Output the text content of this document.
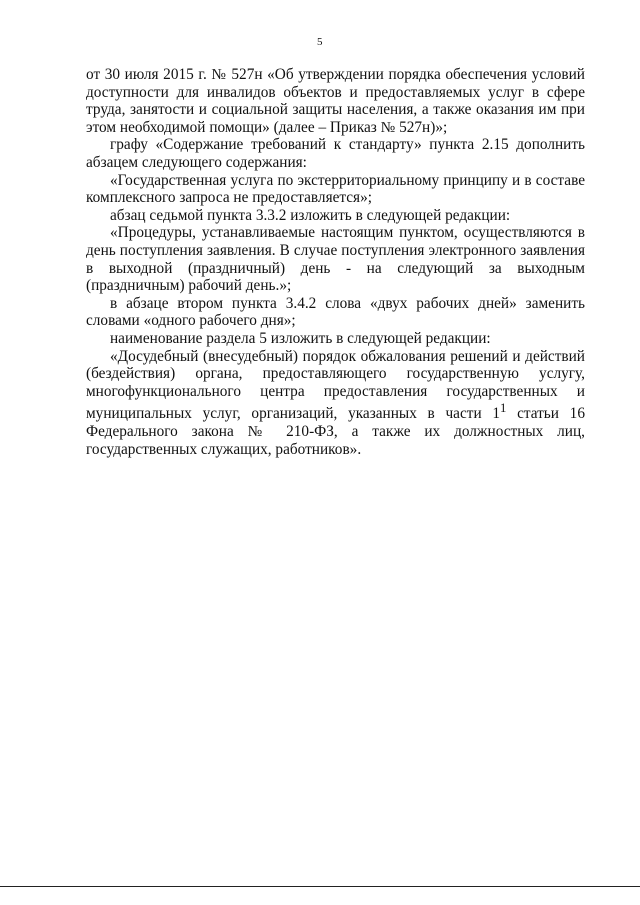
5

от 30 июля 2015 г. № 527н «Об утверждении порядка обеспечения условий доступности для инвалидов объектов и предоставляемых услуг в сфере труда, занятости и социальной защиты населения, а также оказания им при этом необходимой помощи» (далее – Приказ № 527н)»;

графу «Содержание требований к стандарту» пункта 2.15 дополнить абзацем следующего содержания:

«Государственная услуга по экстерриториальному принципу и в составе комплексного запроса не предоставляется»;

абзац седьмой пункта 3.3.2 изложить в следующей редакции:

«Процедуры, устанавливаемые настоящим пунктом, осуществляются в день поступления заявления. В случае поступления электронного заявления в выходной (праздничный) день - на следующий за выходным (праздничным) рабочий день.»;

в абзаце втором пункта 3.4.2 слова «двух рабочих дней» заменить словами «одного рабочего дня»;

наименование раздела 5 изложить в следующей редакции:

«Досудебный (внесудебный) порядок обжалования решений и действий (бездействия) органа, предоставляющего государственную услугу, многофункционального центра предоставления государственных и муниципальных услуг, организаций, указанных в части $1^1$ статьи 16 Федерального закона № 210-ФЗ, а также их должностных лиц, государственных служащих, работников».
